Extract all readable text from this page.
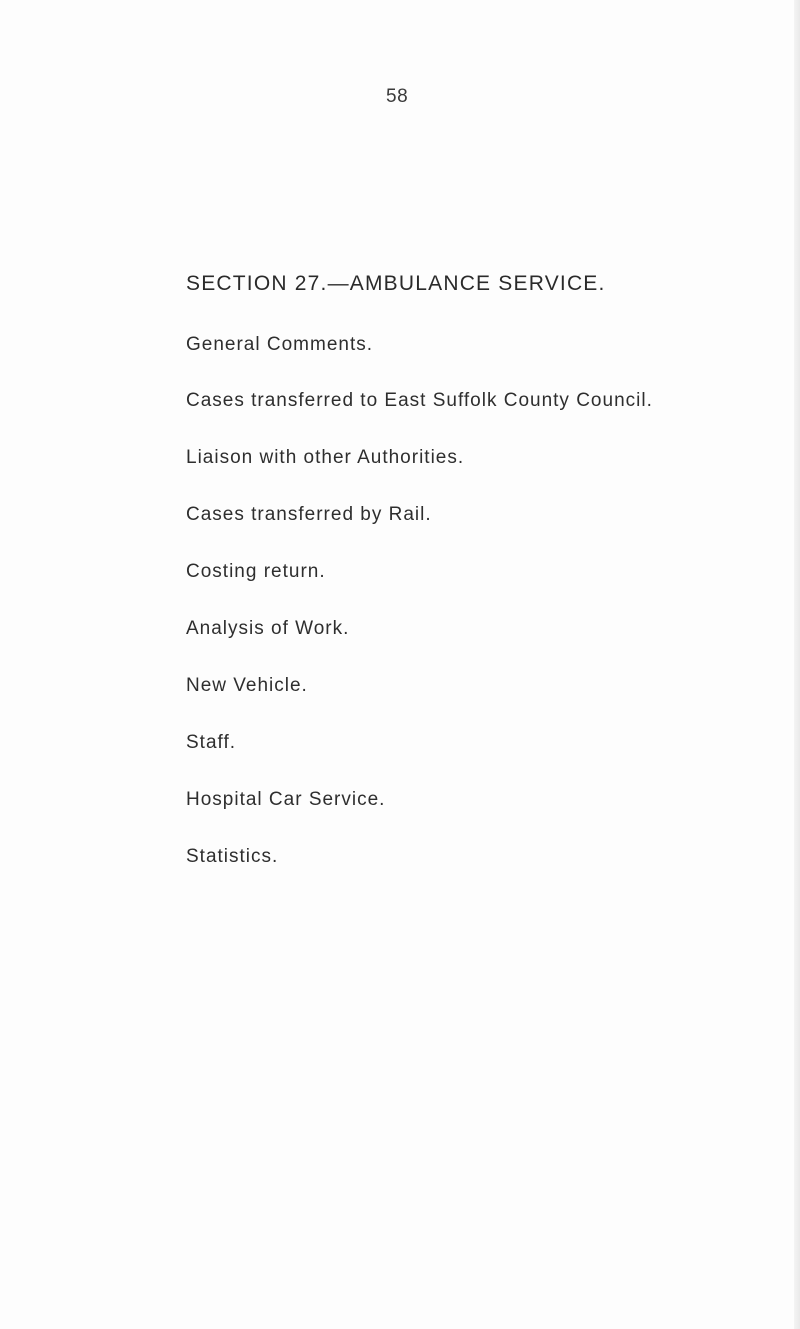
58
SECTION 27.—AMBULANCE SERVICE.
General Comments.
Cases transferred to East Suffolk County Council.
Liaison with other Authorities.
Cases transferred by Rail.
Costing return.
Analysis of Work.
New Vehicle.
Staff.
Hospital Car Service.
Statistics.
